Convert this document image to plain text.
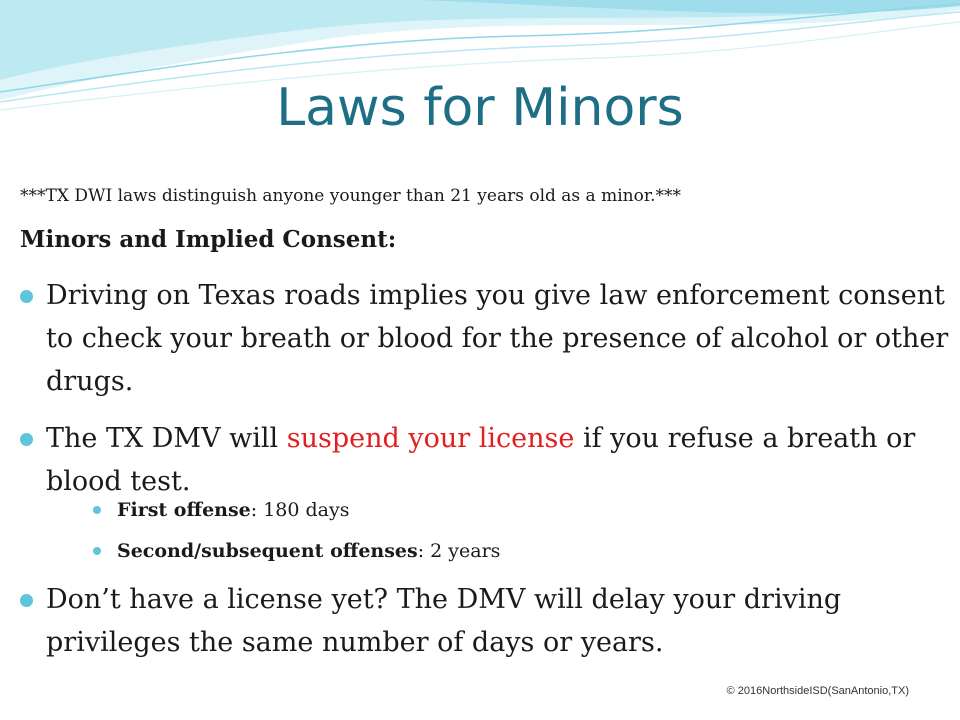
Laws for Minors

***TX DWI laws distinguish anyone younger than 21 years old as a minor.***

Minors and Implied Consent:

Driving on Texas roads implies you give law enforcement consent to check your breath or blood for the presence of alcohol or other drugs.
The TX DMV will suspend your license if you refuse a breath or blood test.
First offense: 180 days
Second/subsequent offenses: 2 years
Don’t have a license yet? The DMV will delay your driving privileges the same number of days or years.
© 2016NorthsideISD(SanAntonio,TX)
